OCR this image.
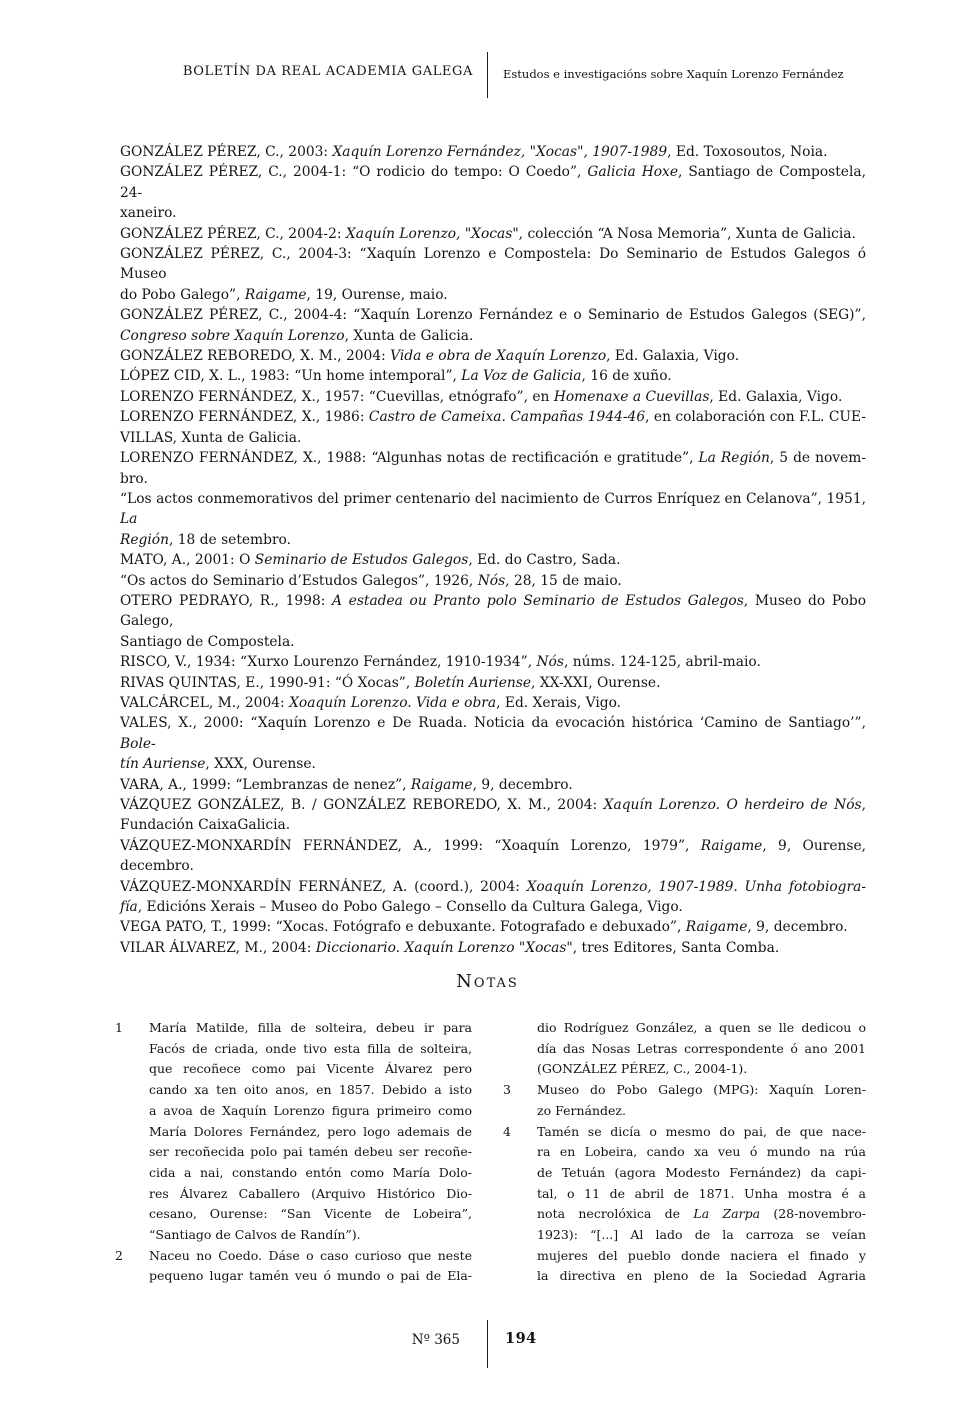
BOLETÍN DA REAL ACADEMIA GALEGA	Estudos e investigacións sobre Xaquín Lorenzo Fernández
GONZÁLEZ PÉREZ, C., 2003: Xaquín Lorenzo Fernández, "Xocas", 1907-1989, Ed. Toxosoutos, Noia.
GONZÁLEZ PÉREZ, C., 2004-1: “O rodicio do tempo: O Coedo”, Galicia Hoxe, Santiago de Compostela, 24-
xaneiro.
GONZÁLEZ PÉREZ, C., 2004-2: Xaquín Lorenzo, "Xocas", colección “A Nosa Memoria”, Xunta de Galicia.
GONZÁLEZ PÉREZ, C., 2004-3: “Xaquín Lorenzo e Compostela: Do Seminario de Estudos Galegos ó Museo
do Pobo Galego”, Raigame, 19, Ourense, maio.
GONZÁLEZ PÉREZ, C., 2004-4: “Xaquín Lorenzo Fernández e o Seminario de Estudos Galegos (SEG)”,
Congreso sobre Xaquín Lorenzo, Xunta de Galicia.
GONZÁLEZ REBOREDO, X. M., 2004: Vida e obra de Xaquín Lorenzo, Ed. Galaxia, Vigo.
LÓPEZ CID, X. L., 1983: “Un home intemporal”, La Voz de Galicia, 16 de xuño.
LORENZO FERNÁNDEZ, X., 1957: “Cuevillas, etnógrafo”, en Homenaxe a Cuevillas, Ed. Galaxia, Vigo.
LORENZO FERNÁNDEZ, X., 1986: Castro de Cameixa. Campañas 1944-46, en colaboración con F.L. CUE-
VILLAS, Xunta de Galicia.
LORENZO FERNÁNDEZ, X., 1988: “Algunhas notas de rectificación e gratitude”, La Región, 5 de novem-
bro.
“Los actos conmemorativos del primer centenario del nacimiento de Curros Enríquez en Celanova”, 1951, La
Región, 18 de setembro.
MATO, A., 2001: O Seminario de Estudos Galegos, Ed. do Castro, Sada.
“Os actos do Seminario d’Estudos Galegos”, 1926, Nós, 28, 15 de maio.
OTERO PEDRAYO, R., 1998: A estadea ou Pranto polo Seminario de Estudos Galegos, Museo do Pobo Galego,
Santiago de Compostela.
RISCO, V., 1934: “Xurxo Lourenzo Fernández, 1910-1934”, Nós, núms. 124-125, abril-maio.
RIVAS QUINTAS, E., 1990-91: “Ó Xocas”, Boletín Auriense, XX-XXI, Ourense.
VALCÁRCEL, M., 2004: Xoaquín Lorenzo. Vida e obra, Ed. Xerais, Vigo.
VALES, X., 2000: “Xaquín Lorenzo e De Ruada. Noticia da evocación histórica ‘Camino de Santiago’”, Bole-
tín Auriense, XXX, Ourense.
VARA, A., 1999: “Lembranzas de nenez”, Raigame, 9, decembro.
VÁZQUEZ GONZÁLEZ, B. / GONZÁLEZ REBOREDO, X. M., 2004: Xaquín Lorenzo. O herdeiro de Nós,
Fundación CaixaGalicia.
VÁZQUEZ-MONXARDÍN FERNÁNDEZ, A., 1999: “Xoaquín Lorenzo, 1979”, Raigame, 9, Ourense,
decembro.
VÁZQUEZ-MONXARDÍN FERNÁNEZ, A. (coord.), 2004: Xoaquín Lorenzo, 1907-1989. Unha fotobiogra-
fía, Edicións Xerais – Museo do Pobo Galego – Consello da Cultura Galega, Vigo.
VEGA PATO, T., 1999: “Xocas. Fotógrafo e debuxante. Fotografado e debuxado”, Raigame, 9, decembro.
VILAR ÁLVAREZ, M., 2004: Diccionario. Xaquín Lorenzo "Xocas", tres Editores, Santa Comba.
Notas
1	María Matilde, filla de solteira, debeu ir para
Facós de criada, onde tivo esta filla de solteira,
que recoñece como pai Vicente Álvarez pero
cando xa ten oito anos, en 1857. Debido a isto
a avoa de Xaquín Lorenzo figura primeiro como
María Dolores Fernández, pero logo ademais de
ser recoñecida polo pai tamén debeu ser recoñe-
cida a nai, constando entón como María Dolo-
res Álvarez Caballero (Arquivo Histórico Dio-
cesano, Ourense: “San Vicente de Lobeira”,
“Santiago de Calvos de Randín”).
2	Naceu no Coedo. Dáse o caso curioso que neste
pequeno lugar tamén veu ó mundo o pai de Ela-
dio Rodríguez González, a quen se lle dedicou o
día das Nosas Letras correspondente ó ano 2001
(GONZÁLEZ PÉREZ, C., 2004-1).
3	Museo do Pobo Galego (MPG): Xaquín Loren-
zo Fernández.
4	Tamén se dicía o mesmo do pai, de que nace-
ra en Lobeira, cando xa veu ó mundo na rúa
de Tetuán (agora Modesto Fernández) da capi-
tal, o 11 de abril de 1871. Unha mostra é a
nota necrolóxica de La Zarpa (28-novembro-
1923): “[...] Al lado de la carroza se veían
mujeres del pueblo donde naciera el finado y
la directiva en pleno de la Sociedad Agraria
Nº 365	194
